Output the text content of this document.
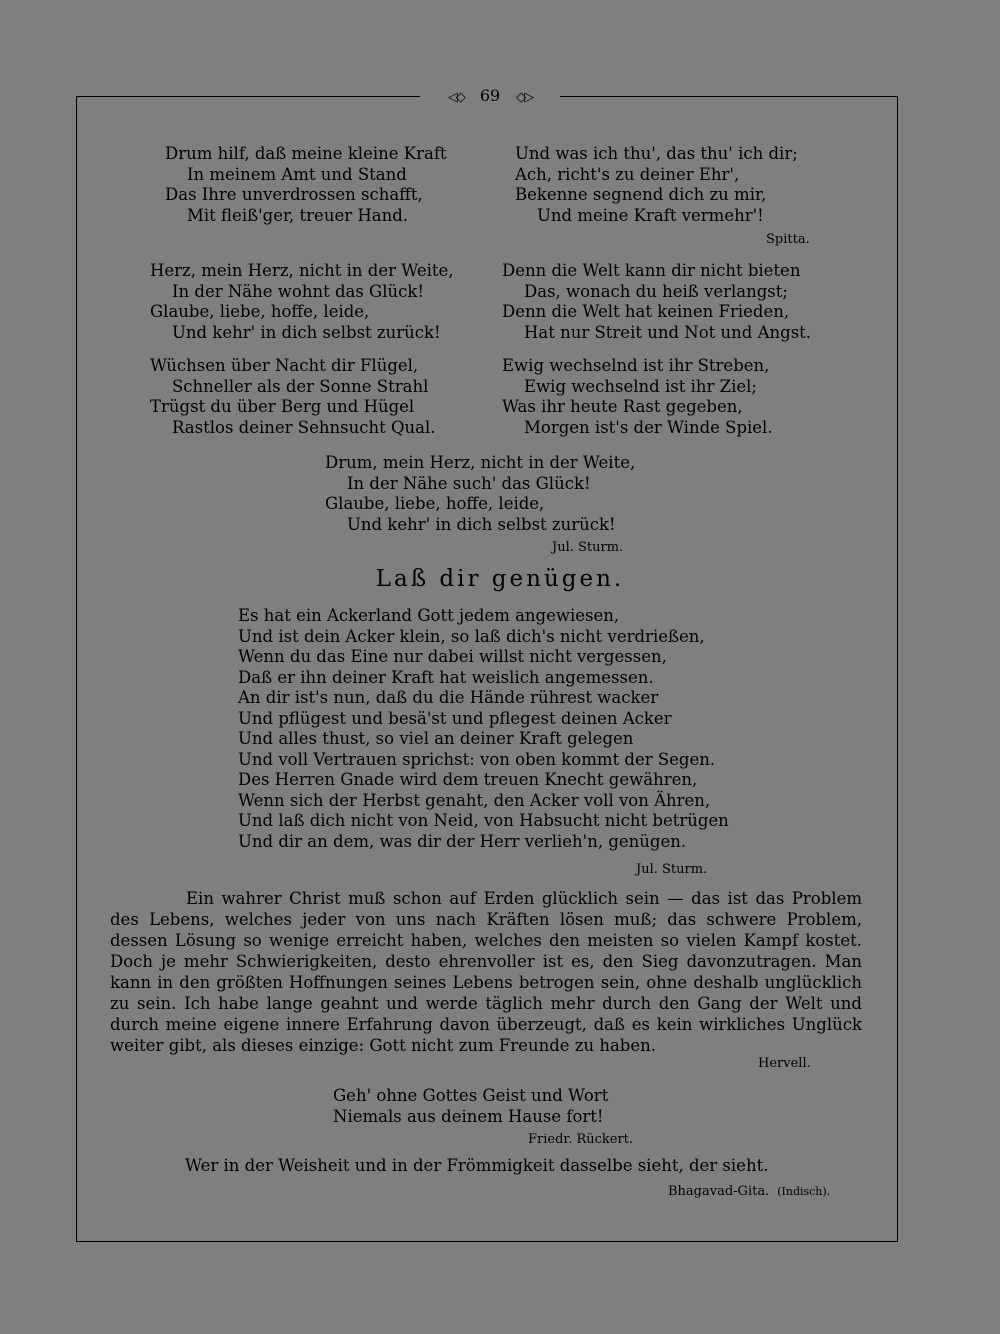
◁◇ 69 ◇▷
Drum hilf, daß meine kleine Kraft
In meinem Amt und Stand
Das Ihre unverdrossen schafft,
Mit fleiß'ger, treuer Hand.
Und was ich thu', das thu' ich dir;
Ach, richt's zu deiner Ehr',
Bekenne segnend dich zu mir,
Und meine Kraft vermehr'!
Spitta.
Herz, mein Herz, nicht in der Weite,
In der Nähe wohnt das Glück!
Glaube, liebe, hoffe, leide,
Und kehr' in dich selbst zurück!
Denn die Welt kann dir nicht bieten
Das, wonach du heiß verlangst;
Denn die Welt hat keinen Frieden,
Hat nur Streit und Not und Angst.
Wüchsen über Nacht dir Flügel,
Schneller als der Sonne Strahl
Trügst du über Berg und Hügel
Rastlos deiner Sehnsucht Qual.
Ewig wechselnd ist ihr Streben,
Ewig wechselnd ist ihr Ziel;
Was ihr heute Rast gegeben,
Morgen ist's der Winde Spiel.
Drum, mein Herz, nicht in der Weite,
In der Nähe such' das Glück!
Glaube, liebe, hoffe, leide,
Und kehr' in dich selbst zurück!
Jul. Sturm.
Laß dir genügen.
Es hat ein Ackerland Gott jedem angewiesen,
Und ist dein Acker klein, so laß dich's nicht verdrießen,
Wenn du das Eine nur dabei willst nicht vergessen,
Daß er ihn deiner Kraft hat weislich angemessen.
An dir ist's nun, daß du die Hände rührest wacker
Und pflügest und besä'st und pflegest deinen Acker
Und alles thust, so viel an deiner Kraft gelegen
Und voll Vertrauen sprichst: von oben kommt der Segen.
Des Herren Gnade wird dem treuen Knecht gewähren,
Wenn sich der Herbst genaht, den Acker voll von Ähren,
Und laß dich nicht von Neid, von Habsucht nicht betrügen
Und dir an dem, was dir der Herr verlieh'n, genügen.
Jul. Sturm.
Ein wahrer Christ muß schon auf Erden glücklich sein — das ist das Problem des Lebens, welches jeder von uns nach Kräften lösen muß; das schwere Problem, dessen Lösung so wenige erreicht haben, welches den meisten so vielen Kampf kostet. Doch je mehr Schwierigkeiten, desto ehrenvoller ist es, den Sieg davonzutragen. Man kann in den größten Hoffnungen seines Lebens betrogen sein, ohne deshalb unglücklich zu sein. Ich habe lange geahnt und werde täglich mehr durch den Gang der Welt und durch meine eigene innere Erfahrung davon überzeugt, daß es kein wirkliches Unglück weiter gibt, als dieses einzige: Gott nicht zum Freunde zu haben.
Hervell.
Geh' ohne Gottes Geist und Wort
Niemals aus deinem Hause fort!
Friedr. Rückert.
Wer in der Weisheit und in der Frömmigkeit dasselbe sieht, der sieht.
Bhagavad-Gita. (Indisch).
